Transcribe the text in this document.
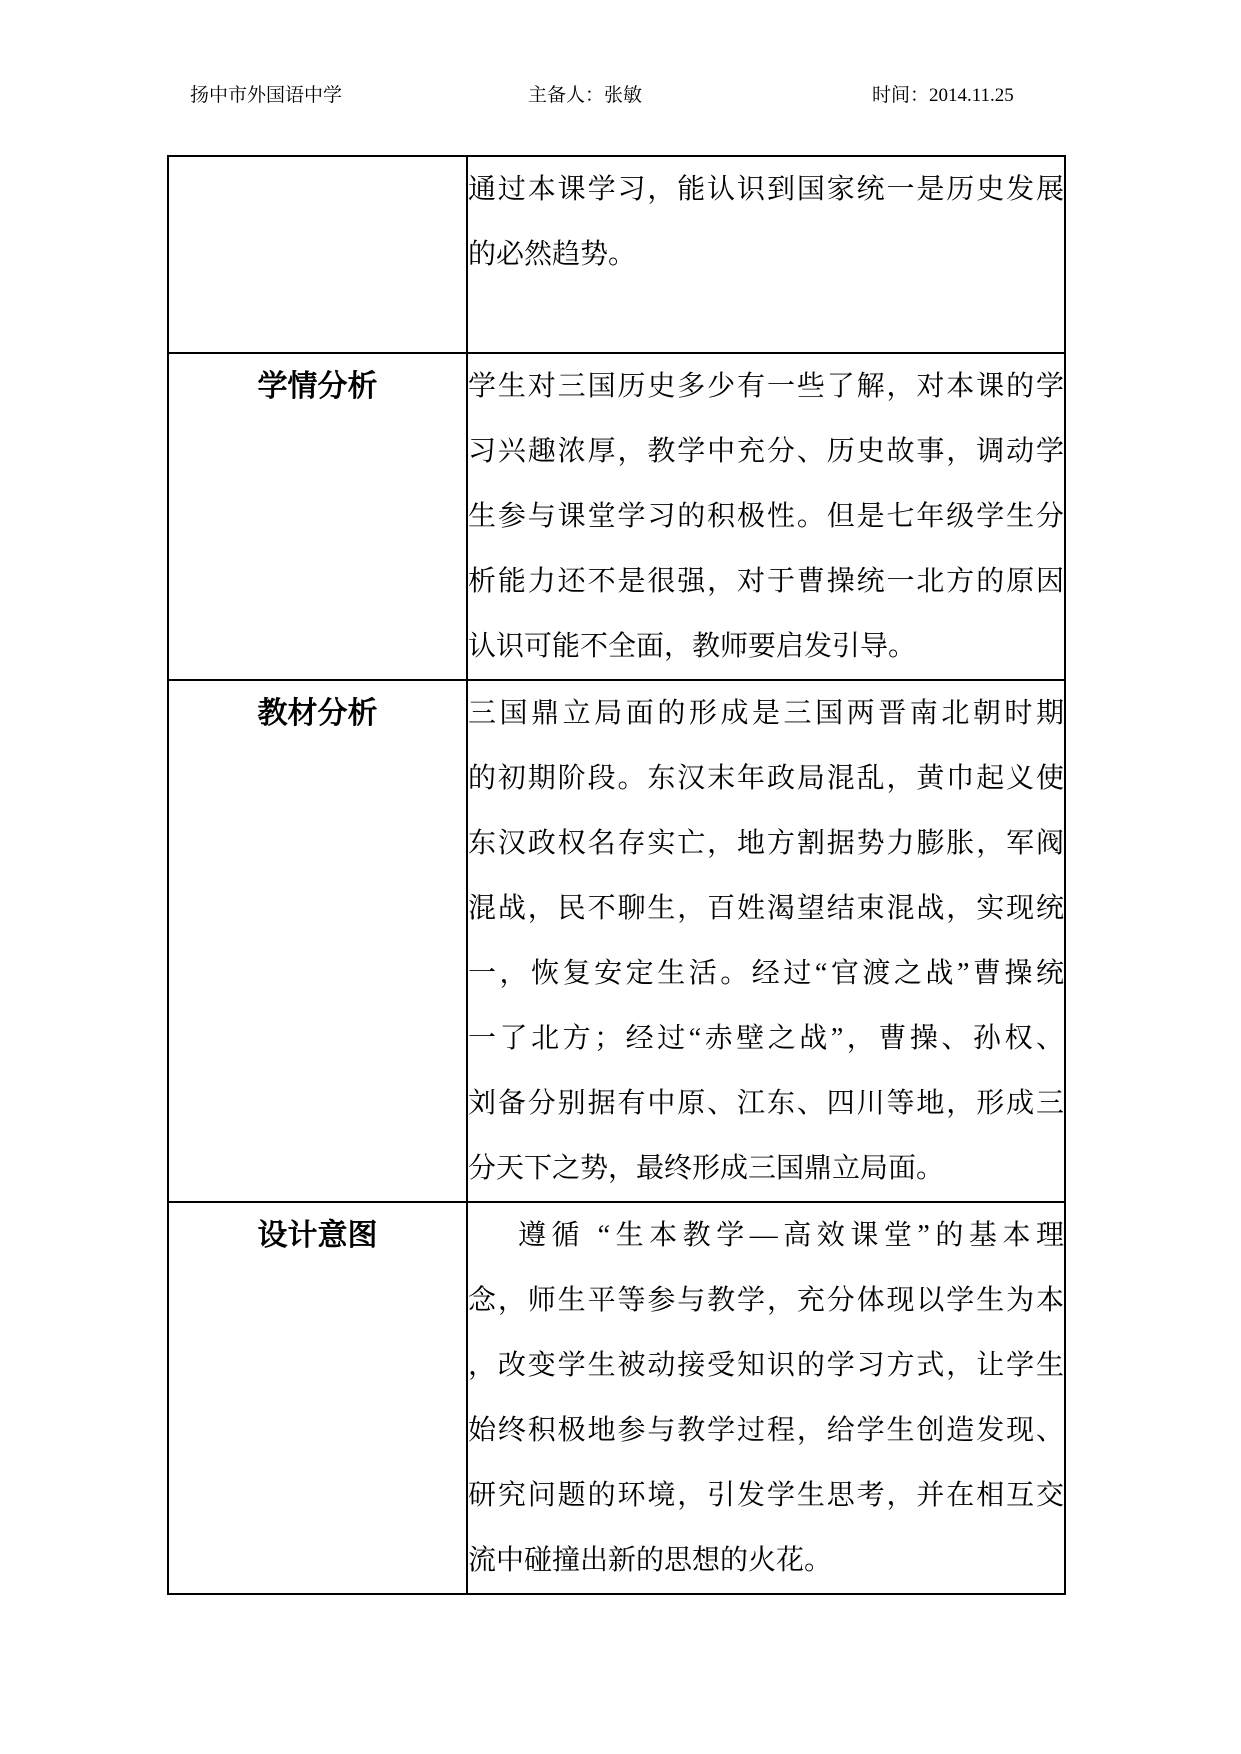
扬中市外国语中学	主备人：张敏	时间：2014.11.25

	通过本课学习，能认识到国家统一是历史发展
的必然趋势。

学情分析	学生对三国历史多少有一些了解，对本课的学
习兴趣浓厚，教学中充分、历史故事，调动学
生参与课堂学习的积极性。但是七年级学生分
析能力还不是很强，对于曹操统一北方的原因
认识可能不全面，教师要启发引导。

教材分析	三国鼎立局面的形成是三国两晋南北朝时期
的初期阶段。东汉末年政局混乱，黄巾起义使
东汉政权名存实亡，地方割据势力膨胀，军阀
混战，民不聊生，百姓渴望结束混战，实现统
一，恢复安定生活。经过“官渡之战”曹操统
一了北方；经过“赤壁之战”，曹操、孙权、
刘备分别据有中原、江东、四川等地，形成三
分天下之势，最终形成三国鼎立局面。

设计意图	遵循 “生本教学—高效课堂”的基本理
念，师生平等参与教学，充分体现以学生为本
，改变学生被动接受知识的学习方式，让学生
始终积极地参与教学过程，给学生创造发现、
研究问题的环境，引发学生思考，并在相互交
流中碰撞出新的思想的火花。
